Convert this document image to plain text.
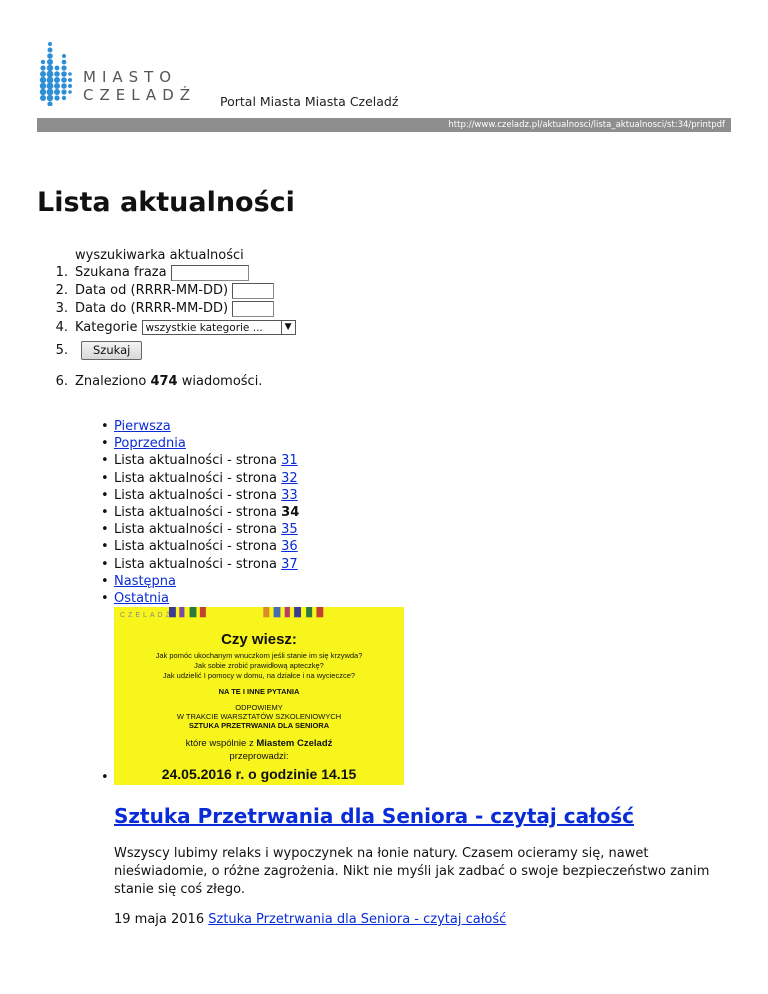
MIASTO
CZELADŹ Portal Miasta Miasta Czeladź
http://www.czeladz.pl/aktualnosci/lista_aktualnosci/st:34/printpdf
Lista aktualności
wyszukiwarka aktualności
1. Szukana fraza
2. Data od (RRRR-MM-DD)
3. Data do (RRRR-MM-DD)
4. Kategorie wszystkie kategorie ...	▼
5. Szukaj
6. Znaleziono 474 wiadomości.
• Pierwsza
• Poprzednia
• Lista aktualności - strona 31
• Lista aktualności - strona 32
• Lista aktualności - strona 33
• Lista aktualności - strona 34
• Lista aktualności - strona 35
• Lista aktualności - strona 36
• Lista aktualności - strona 37
• Następna
• Ostatnia
CZELADŹ
Czy wiesz:
Jak pomóc ukochanym wnuczkom jeśli stanie im się krzywda?
Jak sobie zrobić prawidłową apteczkę?
Jak udzielić I pomocy w domu, na działce i na wycieczce?
NA TE I INNE PYTANIA
ODPOWIEMY
W TRAKCIE WARSZTATÓW SZKOLENIOWYCH
SZTUKA PRZETRWANIA DLA SENIORA
które wspólnie z Miastem Czeladź
przeprowadzi:
24.05.2016 r. o godzinie 14.15
•
Sztuka Przetrwania dla Seniora - czytaj całość
Wszyscy lubimy relaks i wypoczynek na łonie natury. Czasem ocieramy się, nawet nieświadomie, o różne zagrożenia. Nikt nie myśli jak zadbać o swoje bezpieczeństwo zanim stanie się coś złego.
19 maja 2016 Sztuka Przetrwania dla Seniora - czytaj całość
